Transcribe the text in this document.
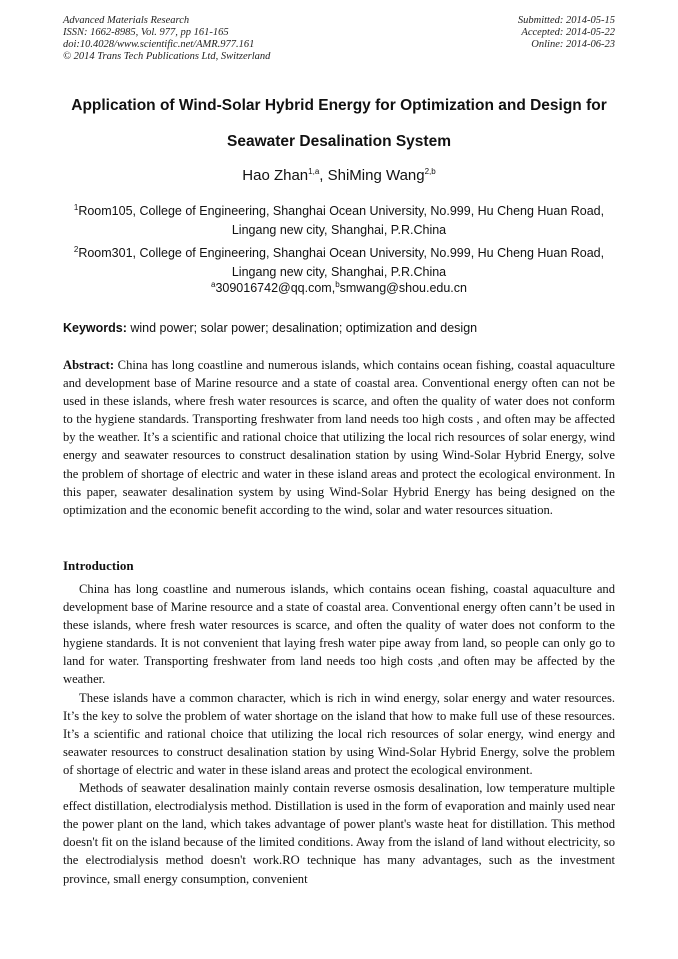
Advanced Materials Research
ISSN: 1662-8985, Vol. 977, pp 161-165
doi:10.4028/www.scientific.net/AMR.977.161
© 2014 Trans Tech Publications Ltd, Switzerland
Submitted: 2014-05-15
Accepted: 2014-05-22
Online: 2014-06-23
Application of Wind-Solar Hybrid Energy for Optimization and Design for
Seawater Desalination System
Hao Zhan$^{1,a}$, ShiMing Wang$^{2,b}$
$^1$Room105, College of Engineering, Shanghai Ocean University, No.999, Hu Cheng Huan Road,
Lingang new city, Shanghai, P.R.China
$^2$Room301, College of Engineering, Shanghai Ocean University, No.999, Hu Cheng Huan Road,
Lingang new city, Shanghai, P.R.China
$^a$309016742@qq.com,$^b$smwang@shou.edu.cn
Keywords: wind power; solar power; desalination; optimization and design
Abstract: China has long coastline and numerous islands, which contains ocean fishing, coastal aquaculture and development base of Marine resource and a state of coastal area. Conventional energy often can not be used in these islands, where fresh water resources is scarce, and often the quality of water does not conform to the hygiene standards. Transporting freshwater from land needs too high costs , and often may be affected by the weather. It’s a scientific and rational choice that utilizing the local rich resources of solar energy, wind energy and seawater resources to construct desalination station by using Wind-Solar Hybrid Energy, solve the problem of shortage of electric and water in these island areas and protect the ecological environment. In this paper, seawater desalination system by using Wind-Solar Hybrid Energy has being designed on the optimization and the economic benefit according to the wind, solar and water resources situation.
Introduction

China has long coastline and numerous islands, which contains ocean fishing, coastal aquaculture and development base of Marine resource and a state of coastal area. Conventional energy often cann’t be used in these islands, where fresh water resources is scarce, and often the quality of water does not conform to the hygiene standards. It is not convenient that laying fresh water pipe away from land, so people can only go to land for water. Transporting freshwater from land needs too high costs ,and often may be affected by the weather.

These islands have a common character, which is rich in wind energy, solar energy and water resources. It’s the key to solve the problem of water shortage on the island that how to make full use of these resources. It’s a scientific and rational choice that utilizing the local rich resources of solar energy, wind energy and seawater resources to construct desalination station by using Wind-Solar Hybrid Energy, solve the problem of shortage of electric and water in these island areas and protect the ecological environment.

Methods of seawater desalination mainly contain reverse osmosis desalination, low temperature multiple effect distillation, electrodialysis method. Distillation is used in the form of evaporation and mainly used near the power plant on the land, which takes advantage of power plant's waste heat for distillation. This method doesn't fit on the island because of the limited conditions. Away from the island of land without electricity, so the electrodialysis method doesn't work.RO technique has many advantages, such as the investment province, small energy consumption, convenient
